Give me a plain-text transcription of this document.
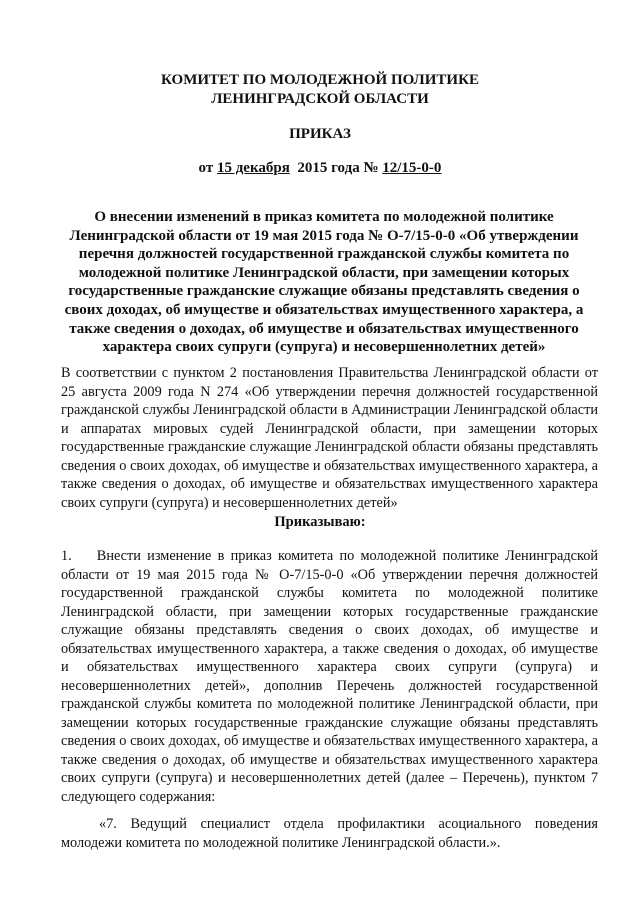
КОМИТЕТ ПО МОЛОДЕЖНОЙ ПОЛИТИКЕ
ЛЕНИНГРАДСКОЙ ОБЛАСТИ
ПРИКАЗ
от 15 декабря 2015 года № 12/15-0-0
О внесении изменений в приказ комитета по молодежной политике Ленинградской области от 19 мая 2015 года № О-7/15-0-0 «Об утверждении перечня должностей государственной гражданской службы комитета по молодежной политике Ленинградской области, при замещении которых государственные гражданские служащие обязаны представлять сведения о своих доходах, об имуществе и обязательствах имущественного характера, а также сведения о доходах, об имуществе и обязательствах имущественного характера своих супруги (супруга) и несовершеннолетних детей»
В соответствии с пунктом 2 постановления Правительства Ленинградской области от 25 августа 2009 года N 274 «Об утверждении перечня должностей государственной гражданской службы Ленинградской области в Администрации Ленинградской области и аппаратах мировых судей Ленинградской области, при замещении которых государственные гражданские служащие Ленинградской области обязаны представлять сведения о своих доходах, об имуществе и обязательствах имущественного характера, а также сведения о доходах, об имуществе и обязательствах имущественного характера своих супруги (супруга) и несовершеннолетних детей»
Приказываю:
1.    Внести изменение в приказ комитета по молодежной политике Ленинградской области от 19 мая 2015 года № О-7/15-0-0 «Об утверждении перечня должностей государственной гражданской службы комитета по молодежной политике Ленинградской области, при замещении которых государственные гражданские служащие обязаны представлять сведения о своих доходах, об имуществе и обязательствах имущественного характера, а также сведения о доходах, об имуществе и обязательствах имущественного характера своих супруги (супруга) и несовершеннолетних детей», дополнив Перечень должностей государственной гражданской службы комитета по молодежной политике Ленинградской области, при замещении которых государственные гражданские служащие обязаны представлять сведения о своих доходах, об имуществе и обязательствах имущественного характера, а также сведения о доходах, об имуществе и обязательствах имущественного характера своих супруги (супруга) и несовершеннолетних детей (далее – Перечень), пунктом 7 следующего содержания:
«7. Ведущий специалист отдела профилактики асоциального поведения молодежи комитета по молодежной политике Ленинградской области.».
